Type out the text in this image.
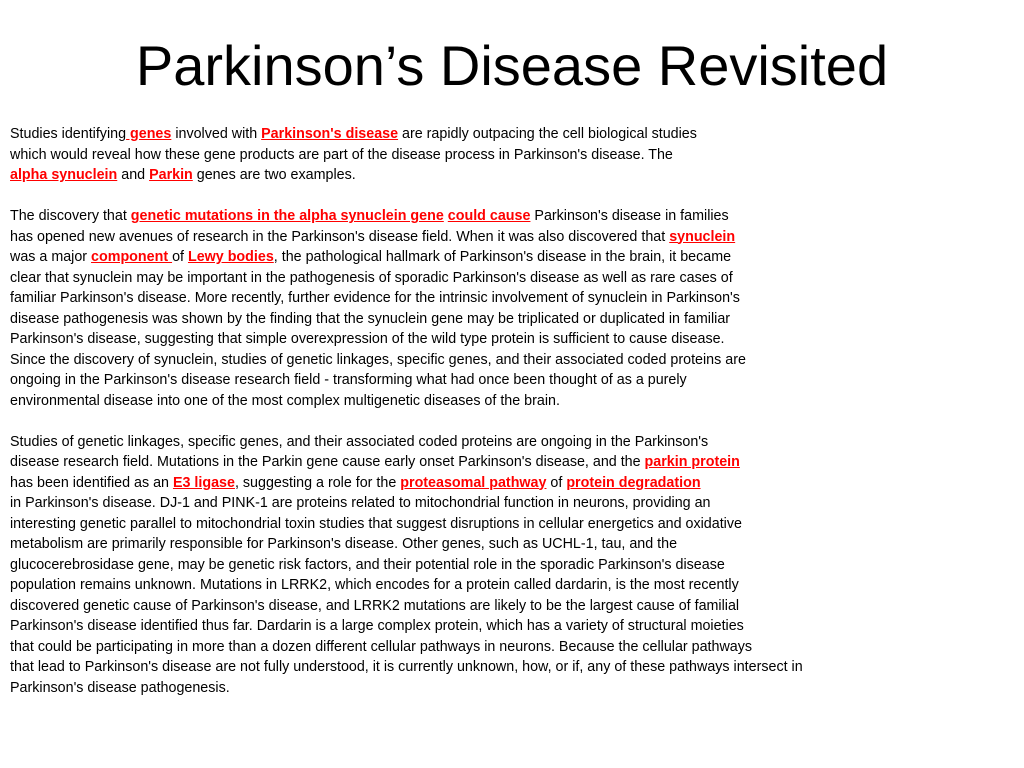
Parkinson’s Disease Revisited
Studies identifying genes involved with Parkinson's disease are rapidly outpacing the cell biological studies
which would reveal how these gene products are part of the disease process in Parkinson's disease. The
alpha synuclein and Parkin genes are two examples.
The discovery that genetic mutations in the alpha synuclein gene could cause Parkinson's disease in families
has opened new avenues of research in the Parkinson's disease field. When it was also discovered that synuclein
was a major component of Lewy bodies, the pathological hallmark of Parkinson's disease in the brain, it became
clear that synuclein may be important in the pathogenesis of sporadic Parkinson's disease as well as rare cases of
familiar Parkinson's disease. More recently, further evidence for the intrinsic involvement of synuclein in Parkinson's
disease pathogenesis was shown by the finding that the synuclein gene may be triplicated or duplicated in familiar
Parkinson's disease, suggesting that simple overexpression of the wild type protein is sufficient to cause disease.
Since the discovery of synuclein, studies of genetic linkages, specific genes, and their associated coded proteins are
ongoing in the Parkinson's disease research field - transforming what had once been thought of as a purely
environmental disease into one of the most complex multigenetic diseases of the brain.
Studies of genetic linkages, specific genes, and their associated coded proteins are ongoing in the Parkinson's
disease research field. Mutations in the Parkin gene cause early onset Parkinson's disease, and the parkin protein
has been identified as an E3 ligase, suggesting a role for the proteasomal pathway of protein degradation
in Parkinson's disease. DJ-1 and PINK-1 are proteins related to mitochondrial function in neurons, providing an
interesting genetic parallel to mitochondrial toxin studies that suggest disruptions in cellular energetics and oxidative
metabolism are primarily responsible for Parkinson's disease. Other genes, such as UCHL-1, tau, and the
glucocerebrosidase gene, may be genetic risk factors, and their potential role in the sporadic Parkinson's disease
population remains unknown. Mutations in LRRK2, which encodes for a protein called dardarin, is the most recently
discovered genetic cause of Parkinson's disease, and LRRK2 mutations are likely to be the largest cause of familial
Parkinson's disease identified thus far. Dardarin is a large complex protein, which has a variety of structural moieties
that could be participating in more than a dozen different cellular pathways in neurons. Because the cellular pathways
that lead to Parkinson's disease are not fully understood, it is currently unknown, how, or if, any of these pathways intersect in
Parkinson's disease pathogenesis.
